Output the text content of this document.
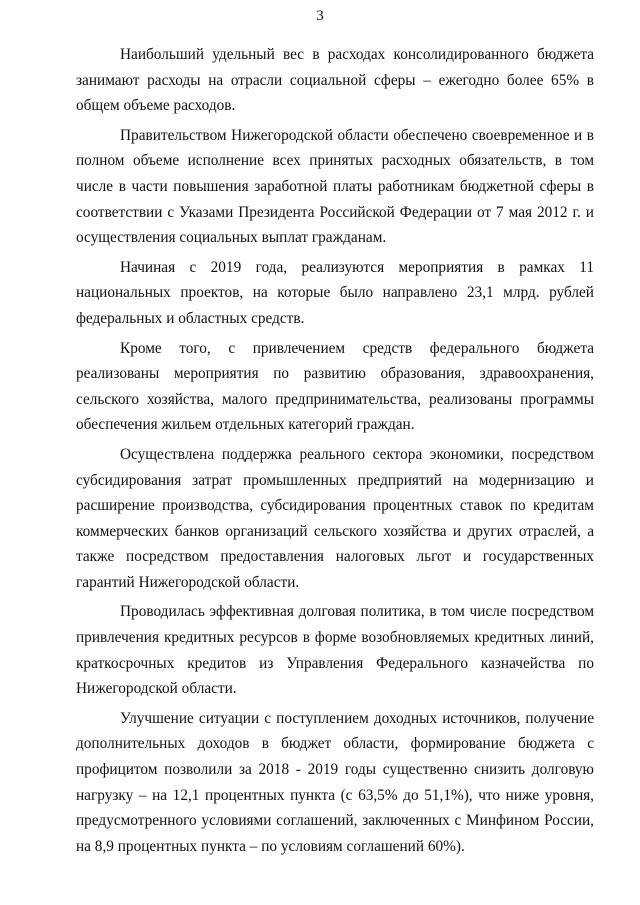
3

Наибольший удельный вес в расходах консолидированного бюджета занимают расходы на отрасли социальной сферы – ежегодно более 65% в общем объеме расходов.

Правительством Нижегородской области обеспечено своевременное и в полном объеме исполнение всех принятых расходных обязательств, в том числе в части повышения заработной платы работникам бюджетной сферы в соответствии с Указами Президента Российской Федерации от 7 мая 2012 г. и осуществления социальных выплат гражданам.

Начиная с 2019 года, реализуются мероприятия в рамках 11 национальных проектов, на которые было направлено 23,1 млрд. рублей федеральных и областных средств.

Кроме того, с привлечением средств федерального бюджета реализованы мероприятия по развитию образования, здравоохранения, сельского хозяйства, малого предпринимательства, реализованы программы обеспечения жильем отдельных категорий граждан.

Осуществлена поддержка реального сектора экономики, посредством субсидирования затрат промышленных предприятий на модернизацию и расширение производства, субсидирования процентных ставок по кредитам коммерческих банков организаций сельского хозяйства и других отраслей, а также посредством предоставления налоговых льгот и государственных гарантий Нижегородской области.

Проводилась эффективная долговая политика, в том числе посредством привлечения кредитных ресурсов в форме возобновляемых кредитных линий, краткосрочных кредитов из Управления Федерального казначейства по Нижегородской области.

Улучшение ситуации с поступлением доходных источников, получение дополнительных доходов в бюджет области, формирование бюджета с профицитом позволили за 2018 - 2019 годы существенно снизить долговую нагрузку – на 12,1 процентных пункта (с 63,5% до 51,1%), что ниже уровня, предусмотренного условиями соглашений, заключенных с Минфином России, на 8,9 процентных пункта – по условиям соглашений 60%).
